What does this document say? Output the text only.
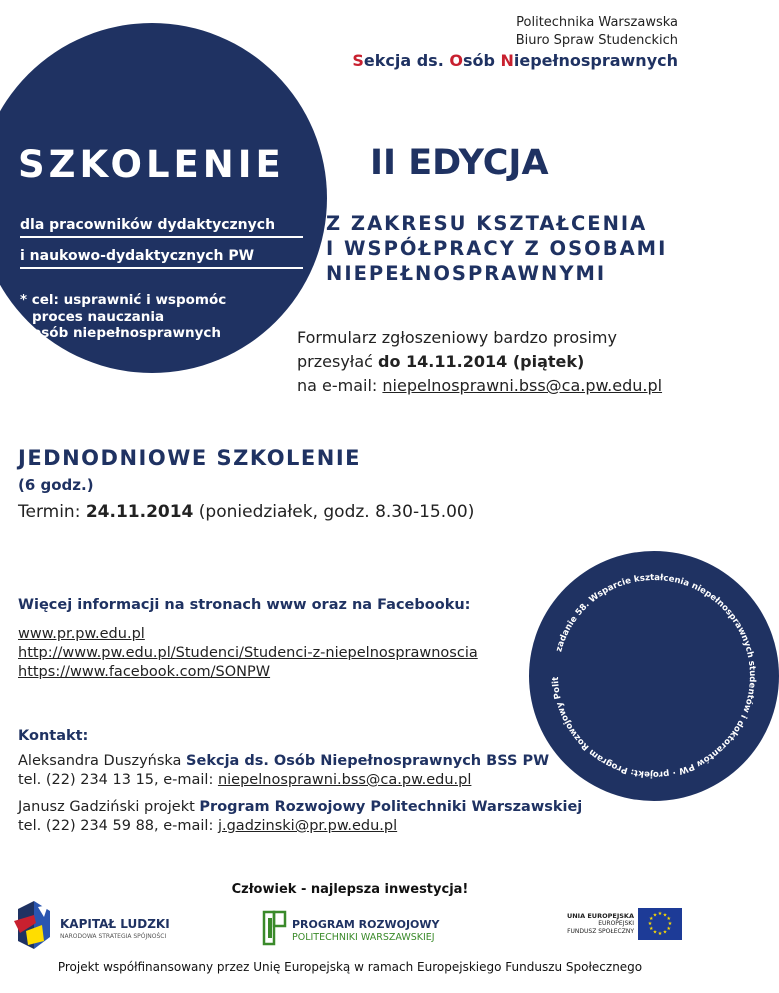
Politechnika Warszawska
Biuro Spraw Studenckich
Sekcja ds. Osób Niepełnosprawnych
SZKOLENIE II EDYCJA
dla pracowników dydaktycznych
i naukowo-dydaktycznych PW
* cel: usprawnić i wspomóc
proces nauczania
osób niepełnosprawnych
Z ZAKRESU KSZTAŁCENIA
I WSPÓŁPRACY Z OSOBAMI
NIEPEŁNOSPRAWNYMI
Formularz zgłoszeniowy bardzo prosimy
przesyłać do 14.11.2014 (piątek)
na e-mail: niepelnosprawni.bss@ca.pw.edu.pl
JEDNODNIOWE SZKOLENIE
(6 godz.)
Termin: 24.11.2014 (poniedziałek, godz. 8.30-15.00)
Więcej informacji na stronach www oraz na Facebooku:
www.pr.pw.edu.pl
http://www.pw.edu.pl/Studenci/Studenci-z-niepelnosprawnoscia
https://www.facebook.com/SONPW
Kontakt:
Aleksandra Duszyńska Sekcja ds. Osób Niepełnosprawnych BSS PW
tel. (22) 234 13 15, e-mail: niepelnosprawni.bss@ca.pw.edu.pl
Janusz Gadziński projekt Program Rozwojowy Politechniki Warszawskiej
tel. (22) 234 59 88, e-mail: j.gadzinski@pr.pw.edu.pl
zadanie 58. Wsparcie kształcenia niepełnosprawnych studentów i doktorantów PW · projekt: Program Rozwojowy Politechniki Warszawskiej
Człowiek - najlepsza inwestycja!
KAPITAŁ LUDZKI
NARODOWA STRATEGIA SPÓJNOŚCI
PROGRAM ROZWOJOWY
POLITECHNIKI WARSZAWSKIEJ
UNIA EUROPEJSKA
EUROPEJSKI
FUNDUSZ SPOŁECZNY
★ ★
★
★
★
★
★
★
★
★
★
★
Projekt współfinansowany przez Unię Europejską w ramach Europejskiego Funduszu Społecznego
